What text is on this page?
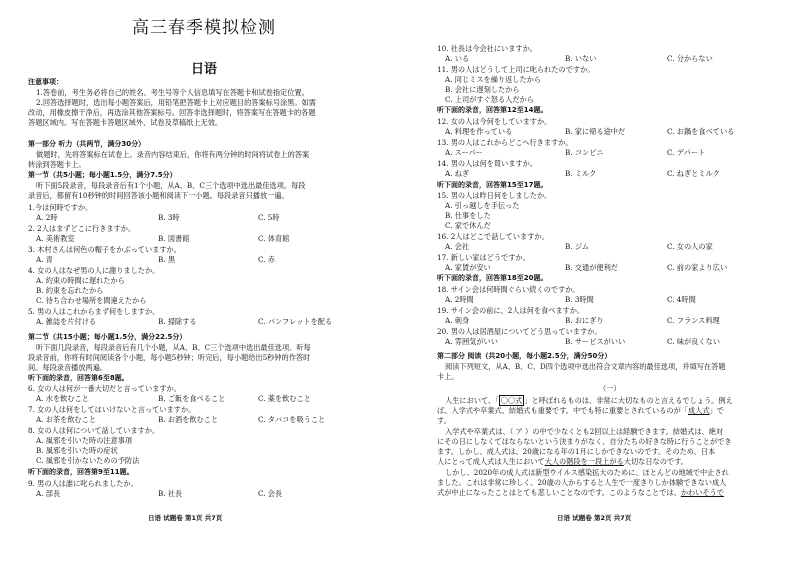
高三春季模拟检测
日语
注意事项：
1.答卷前，考生务必将自己的姓名、考生号等个人信息填写在答题卡和试卷指定位置。
2.回答选择题时，选出每小题答案后，用铅笔把答题卡上对应题目的答案标号涂黑。如需
改动，用橡皮擦干净后，再选涂其他答案标号。回答非选择题时，将答案写在答题卡的各题
答题区域内。写在答题卡答题区域外、试卷及草稿纸上无效。
第一部分 听力（共两节，满分30分）
做题时，先将答案标在试卷上。录音内容结束后，你将有两分钟的时间将试卷上的答案
转涂到答题卡上。
第一节（共5小题；每小题1.5分，满分7.5分）
听下面5段录音，每段录音后有1个小题，从A、B、C三个选项中选出最佳选项。每段
录音后，都留有10秒钟的时间回答该小题和阅读下一小题。每段录音只播放一遍。
1.今は何時ですか。
A. 2時	B. 3時	C. 5時
2. 2人はまずどこに行きますか。
A. 美術教室	B. 図書館	C. 体育館
3. 木村さんは何色の帽子をかぶっていますか。
A. 青	B. 黒	C. 赤
4. 女の人はなぜ男の人に謝りましたか。
A. 約束の時間に遅れたから
B. 約束を忘れたから
C. 待ち合わせ場所を間違えたから
5. 男の人はこれからまず何をしますか。
A. 雑誌を片付ける	B. 掃除する	C. パンフレットを配る
第二节（共15小题；每小题1.5分，满分22.5分）
听下面几段录音，每段录音后有几个小题，从A、B、C三个选项中选出最佳选项。听每
段录音前，你将有时间阅读各个小题，每小题5秒钟；听完后，每小题给出5秒钟的作答时
间。每段录音播放两遍。
听下面的录音，回答第6至8题。
6. 女の人は何が一番大切だと言っていますか。
A. 水を飲むこと	B. ご飯を食べること	C. 薬を飲むこと
7. 女の人は何をしてはいけないと言っていますか。
A. お茶を飲むこと	B. お酒を飲むこと	C. タバコを吸うこと
8. 女の人は何について話していますか。
A. 風邪を引いた時の注意事項
B. 風邪を引いた時の症状
C. 風邪を引かないための予防法
听下面的录音，回答第9至11题。
9. 男の人は誰に叱られましたか。
A. 部長	B. 社長	C. 会長
日语 试题卷 第1页 共7页
10. 社長は今会社にいますか。
A. いる	B. いない	C. 分からない
11. 男の人はどうして上司に叱られたのですか。
A. 同じミスを繰り返したから
B. 会社に遅刻したから
C. 上司がすぐ怒る人だから
听下面的录音，回答第12至14题。
12. 女の人は今何をしていますか。
A. 料理を作っている	B. 家に帰る途中だ	C. お鍋を食べている
13. 男の人はこれからどこへ行きますか。
A. スーパー	B. コンビニ	C. デパート
14. 男の人は何を買いますか。
A. ねぎ	B. ミルク	C. ねぎとミルク
听下面的录音，回答第15至17题。
15. 男の人は昨日何をしましたか。
A. 引っ越しを手伝った
B. 仕事をした
C. 家で休んだ
16. 2人はどこで話していますか。
A. 会社	B. ジム	C. 女の人の家
17. 新しい家はどうですか。
A. 家賃が安い	B. 交通が便利だ	C. 前の家より広い
听下面的录音，回答第18至20题。
18. サイン会は何時間ぐらい続くのですか。
A. 2時間	B. 3時間	C. 4時間
19. サイン会の前に、2人は何を食べますか。
A. 刺身	B. おにぎり	C. フランス料理
20. 男の人は居酒屋についてどう思っていますか。
A. 雰囲気がいい	B. サービスがいい	C. 味が良くない
第二部分 阅读（共20小题，每小题2.5分，满分50分）
阅读下列短文，从A、B、C、D四个选项中选出符合文章内容的最佳选项，并填写在答题
卡上。
（一）
人生において、「 〇〇式 」と呼ばれるものは、非常に大切なものと言えるでしょう。例え
ば、入学式や卒業式、結婚式も重要です。中でも特に重要とされているのが「成人式」で
す。
入学式や卒業式は、（ ア ）の中で少なくとも2回以上は経験できます。結婚式は、絶対
にその日にしなくてはならないという決まりがなく、自分たちの好きな時に行うことができ
ます。しかし、成人式は、20歳になる年の1月にしかできないのです。そのため、日本
人にとって成人式は人生において大人の階段を一段上がる大切な日なのです。
しかし、2020年の成人式は新型ウイルス感染拡大のために、ほとんどの地域で中止され
ました。これは非常に珍しく、20歳の人からすると人生で一度きりしか体験できない成人
式が中止になったことはとても悲しいことなのです。このようなことでは、かわいそうで
日语 试题卷 第2页 共7页
